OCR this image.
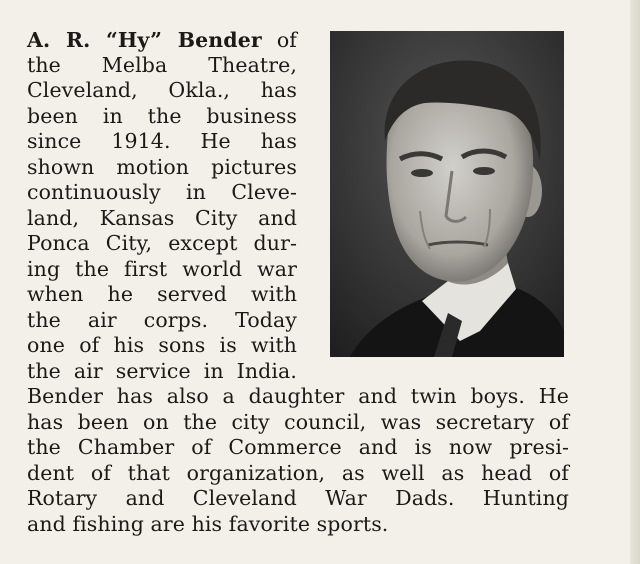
A. R. “Hy” Bender of
the Melba Theatre,
Cleveland, Okla., has
been in the business
since 1914. He has
shown motion pictures
continuously in Cleve-
land, Kansas City and
Ponca City, except dur-
ing the first world war
when he served with
the air corps. Today
one of his sons is with
the air service in India.
Bender has also a daughter and twin boys. He
has been on the city council, was secretary of
the Chamber of Commerce and is now presi-
dent of that organization, as well as head of
Rotary and Cleveland War Dads. Hunting
and fishing are his favorite sports.
